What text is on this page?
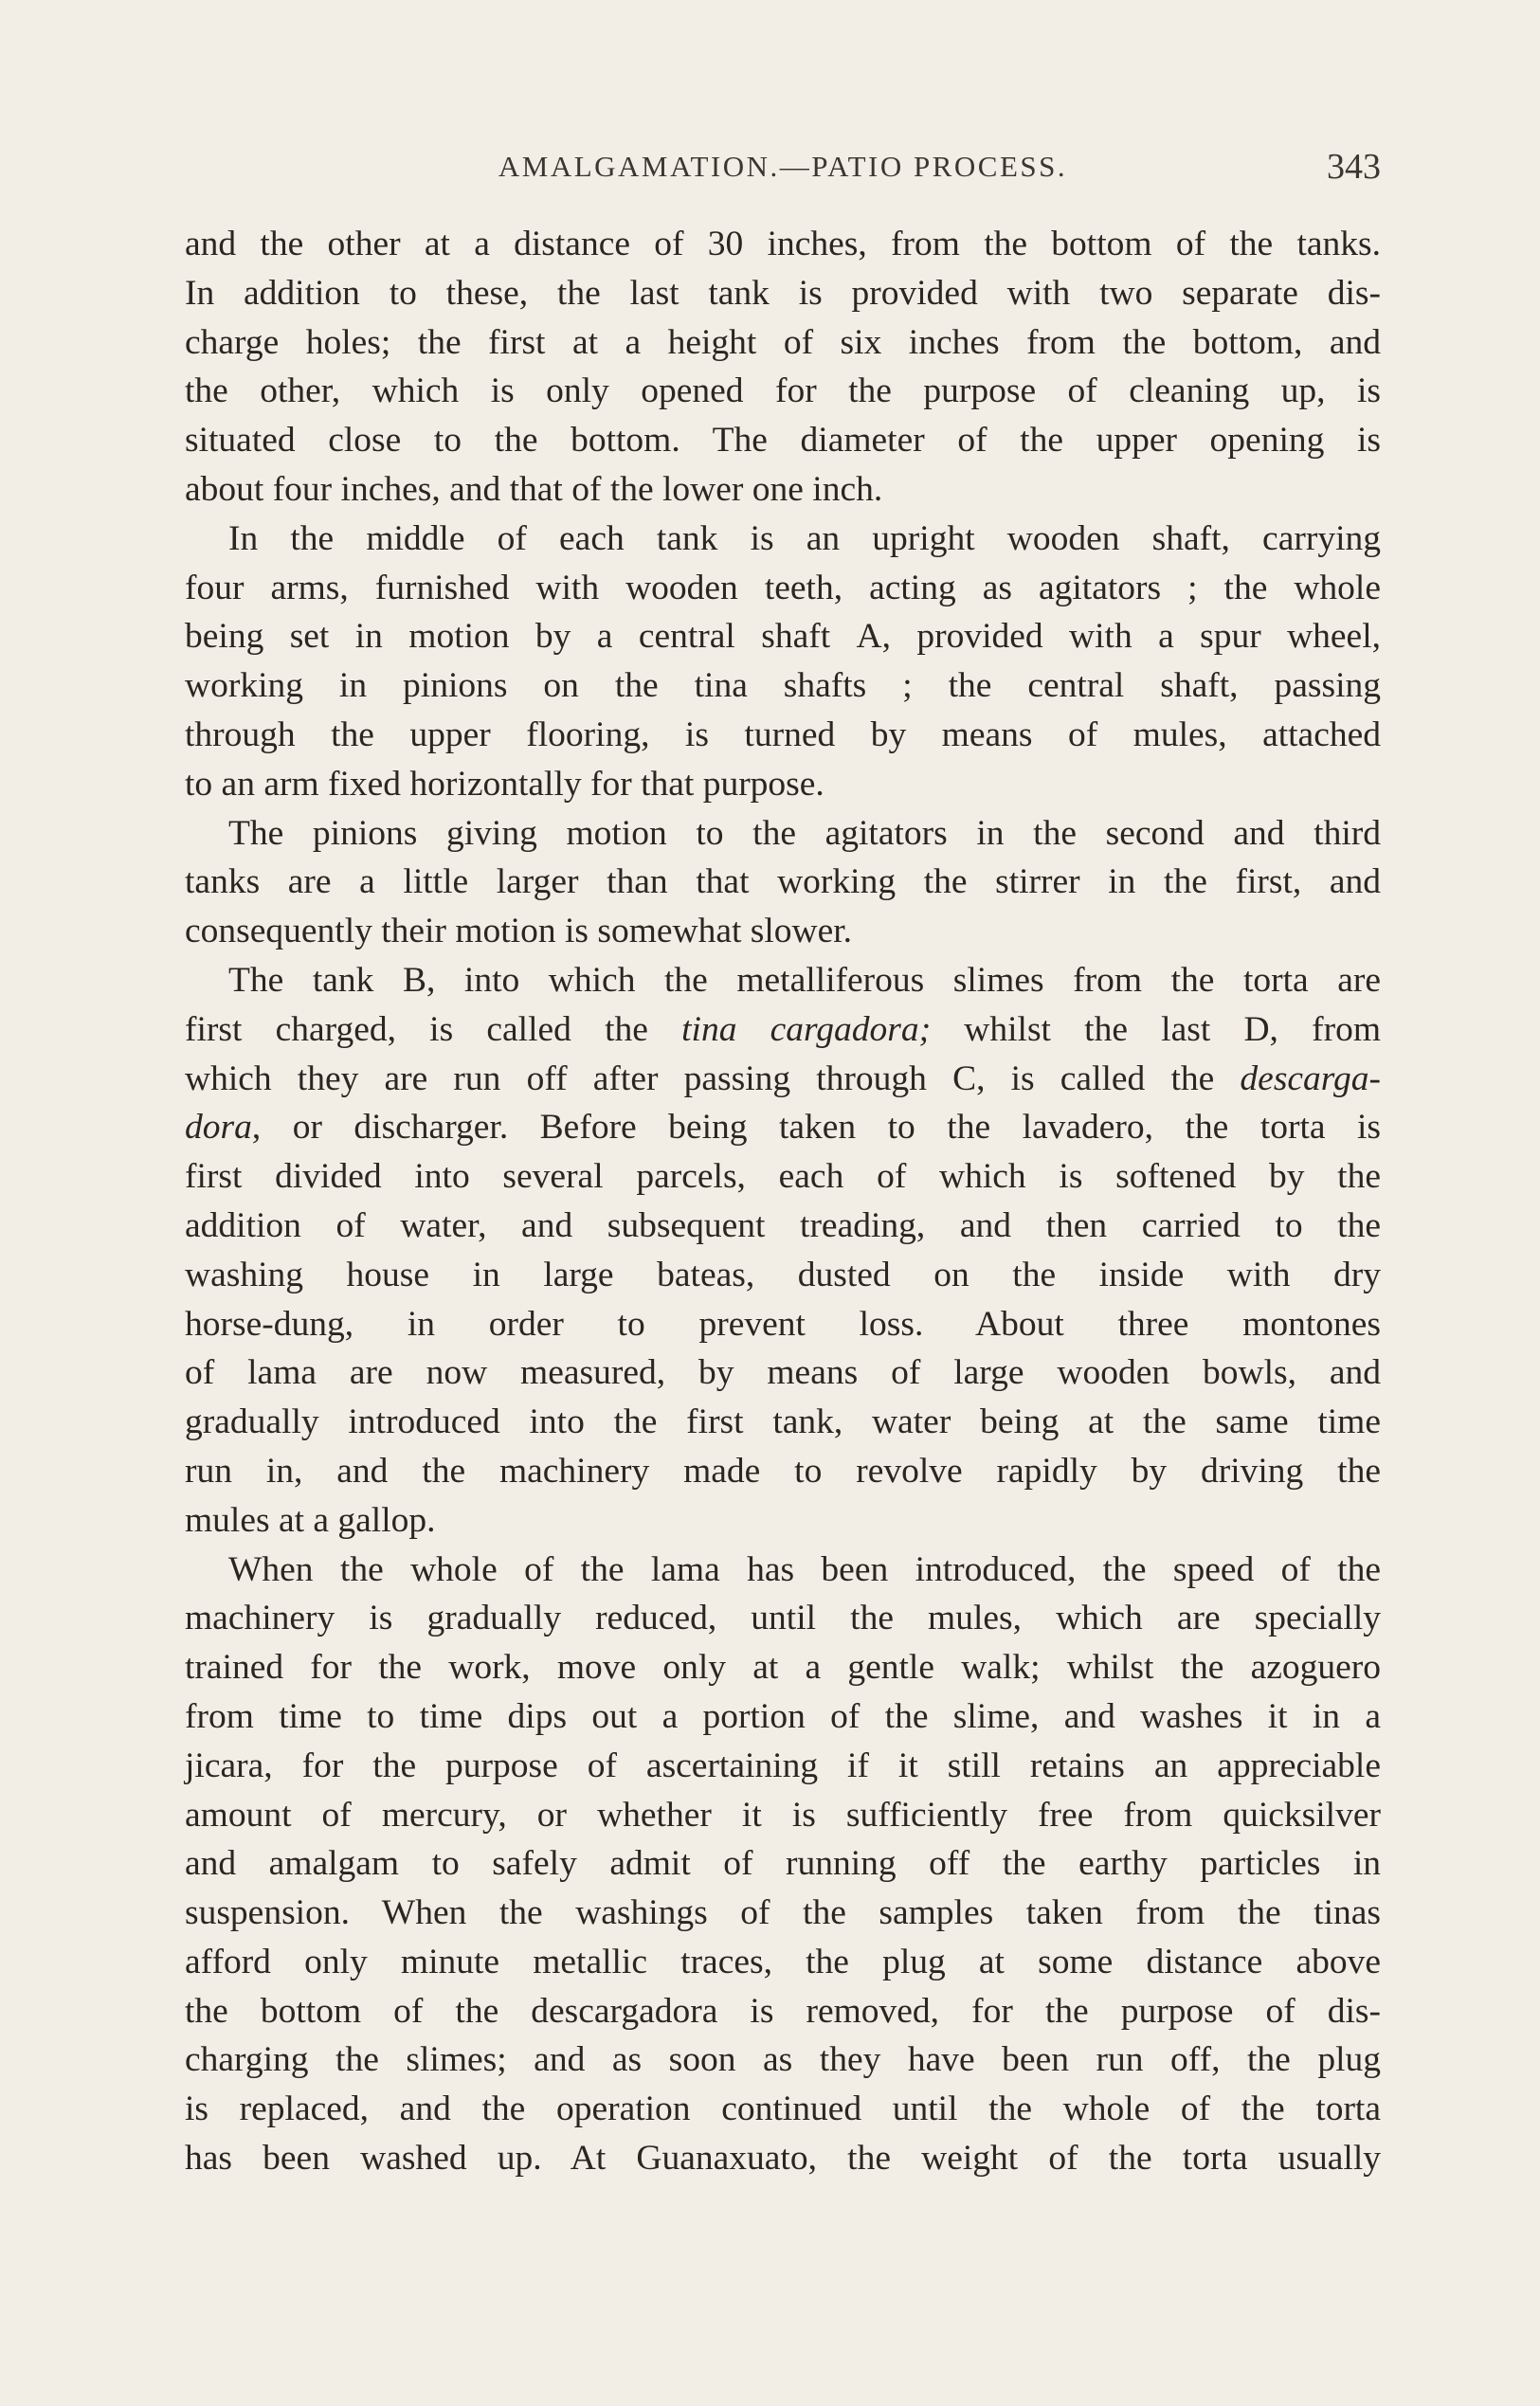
AMALGAMATION.—PATIO PROCESS.	343
and the other at a distance of 30 inches, from the bottom of the tanks.
In addition to these, the last tank is provided with two separate dis-
charge holes; the first at a height of six inches from the bottom, and
the other, which is only opened for the purpose of cleaning up, is
situated close to the bottom. The diameter of the upper opening is
about four inches, and that of the lower one inch.
In the middle of each tank is an upright wooden shaft, carrying
four arms, furnished with wooden teeth, acting as agitators ; the whole
being set in motion by a central shaft A, provided with a spur wheel,
working in pinions on the tina shafts ; the central shaft, passing
through the upper flooring, is turned by means of mules, attached
to an arm fixed horizontally for that purpose.
The pinions giving motion to the agitators in the second and third
tanks are a little larger than that working the stirrer in the first, and
consequently their motion is somewhat slower.
The tank B, into which the metalliferous slimes from the torta are
first charged, is called the tina cargadora; whilst the last D, from
which they are run off after passing through C, is called the descarga-
dora, or discharger. Before being taken to the lavadero, the torta is
first divided into several parcels, each of which is softened by the
addition of water, and subsequent treading, and then carried to the
washing house in large bateas, dusted on the inside with dry
horse-dung, in order to prevent loss. About three montones
of lama are now measured, by means of large wooden bowls, and
gradually introduced into the first tank, water being at the same time
run in, and the machinery made to revolve rapidly by driving the
mules at a gallop.
When the whole of the lama has been introduced, the speed of the
machinery is gradually reduced, until the mules, which are specially
trained for the work, move only at a gentle walk; whilst the azoguero
from time to time dips out a portion of the slime, and washes it in a
jicara, for the purpose of ascertaining if it still retains an appreciable
amount of mercury, or whether it is sufficiently free from quicksilver
and amalgam to safely admit of running off the earthy particles in
suspension. When the washings of the samples taken from the tinas
afford only minute metallic traces, the plug at some distance above
the bottom of the descargadora is removed, for the purpose of dis-
charging the slimes; and as soon as they have been run off, the plug
is replaced, and the operation continued until the whole of the torta
has been washed up. At Guanaxuato, the weight of the torta usually
